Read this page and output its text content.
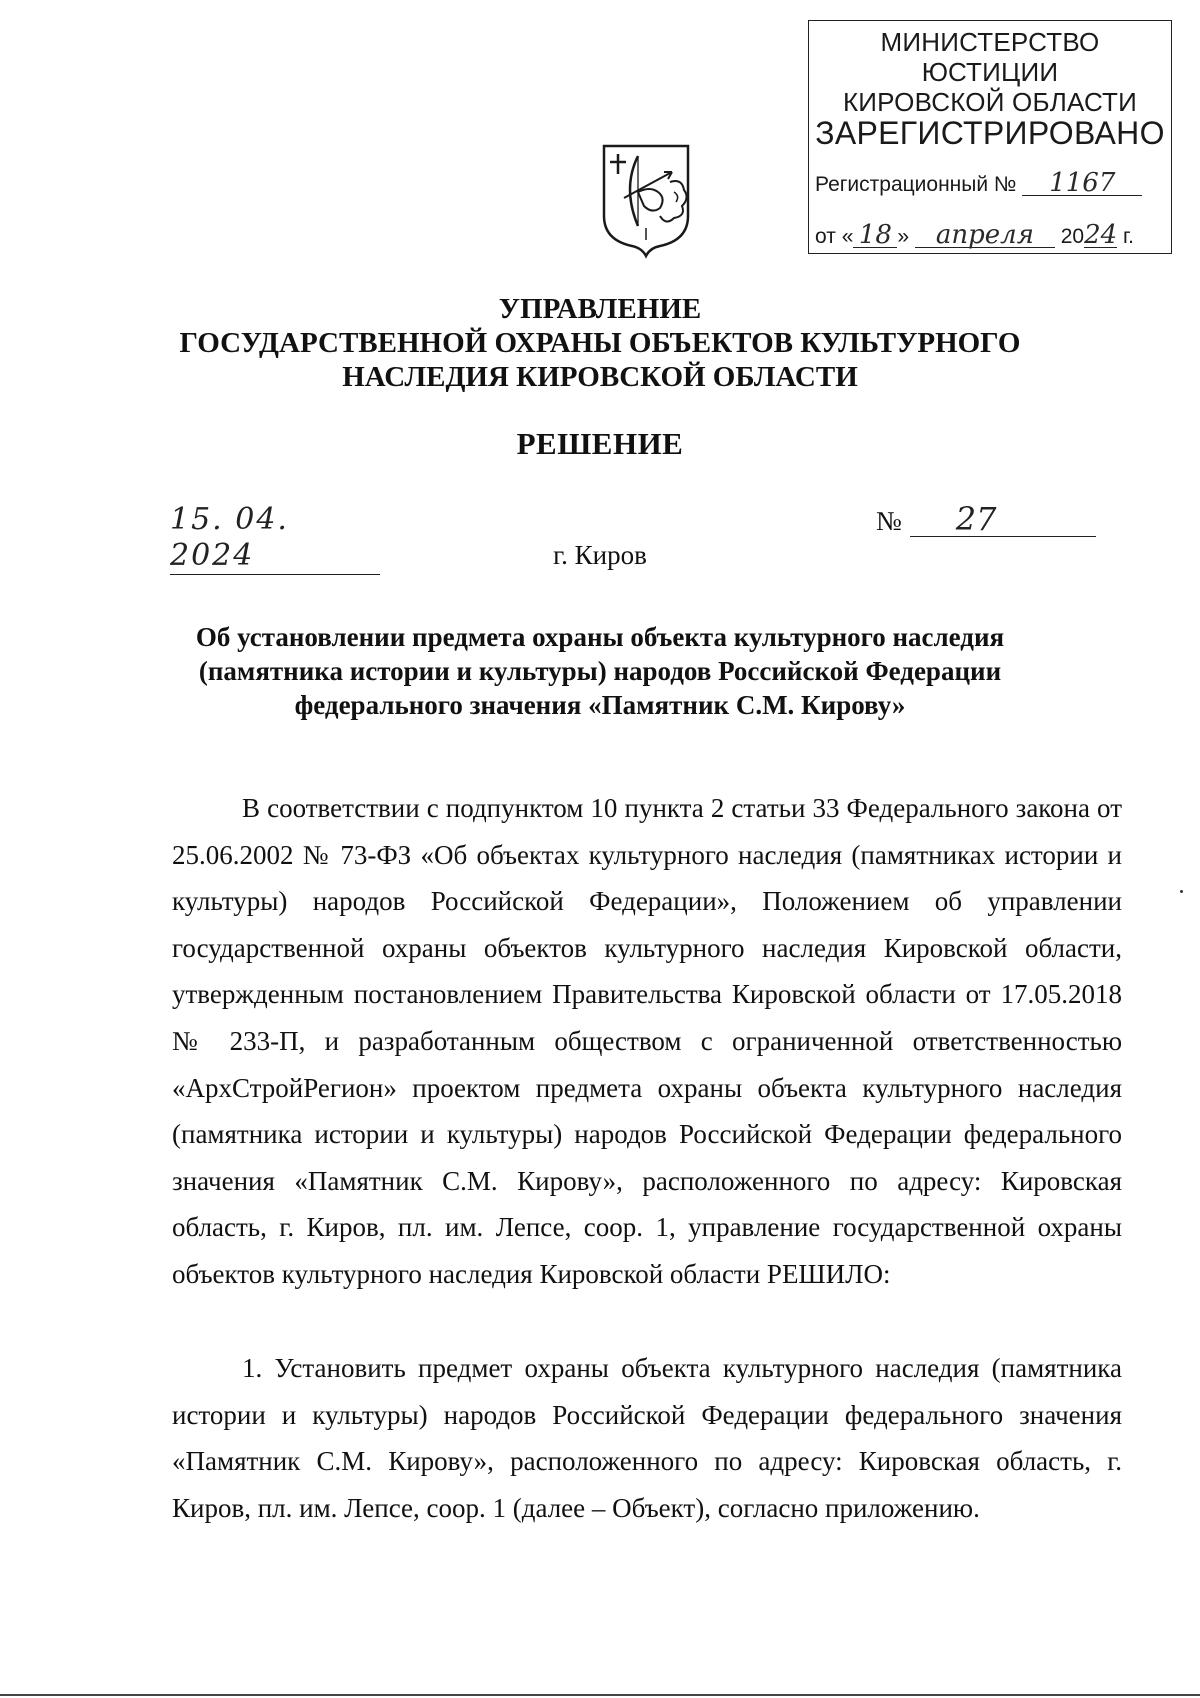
МИНИСТЕРСТВО ЮСТИЦИИ
КИРОВСКОЙ ОБЛАСТИ
ЗАРЕГИСТРИРОВАНО
Регистрационный № 1167
от « 18 » апреля 2024 г.
УПРАВЛЕНИЕ
ГОСУДАРСТВЕННОЙ ОХРАНЫ ОБЪЕКТОВ КУЛЬТУРНОГО
НАСЛЕДИЯ КИРОВСКОЙ ОБЛАСТИ
РЕШЕНИЕ
15. 04. 2024
№ 27
г. Киров
Об установлении предмета охраны объекта культурного наследия
(памятника истории и культуры) народов Российской Федерации
федерального значения «Памятник С.М. Кирову»
В соответствии с подпунктом 10 пункта 2 статьи 33 Федерального закона от 25.06.2002 № 73-ФЗ «Об объектах культурного наследия (памятниках истории и культуры) народов Российской Федерации», Положением об управлении государственной охраны объектов культурного наследия Кировской области, утвержденным постановлением Правительства Кировской области от 17.05.2018 № 233-П, и разработанным обществом с ограниченной ответственностью «АрхСтройРегион» проектом предмета охраны объекта культурного наследия (памятника истории и культуры) народов Российской Федерации федерального значения «Памятник С.М. Кирову», расположенного по адресу: Кировская область, г. Киров, пл. им. Лепсе, соор. 1, управление государственной охраны объектов культурного наследия Кировской области РЕШИЛО:
1. Установить предмет охраны объекта культурного наследия (памятника истории и культуры) народов Российской Федерации федерального значения «Памятник С.М. Кирову», расположенного по адресу: Кировская область, г. Киров, пл. им. Лепсе, соор. 1 (далее – Объект), согласно приложению.
